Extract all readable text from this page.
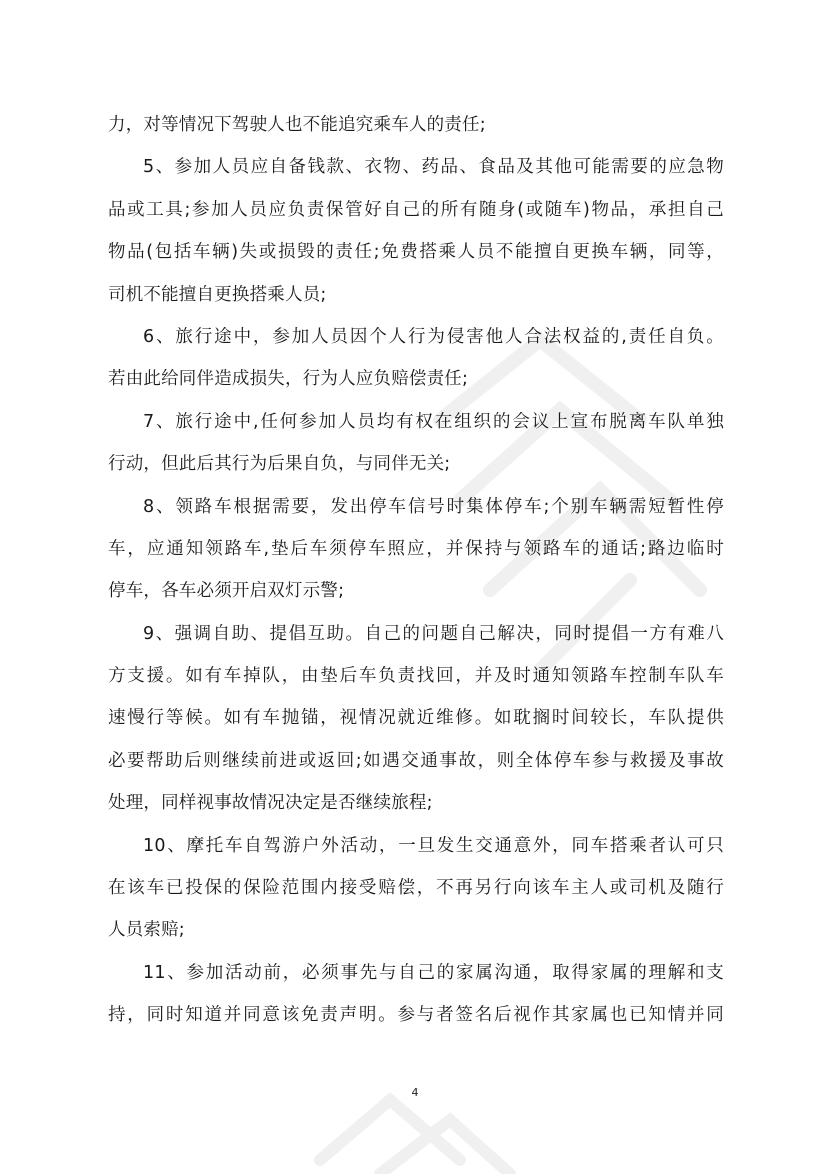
力，对等情况下驾驶人也不能追究乘车人的责任;
5、参加人员应自备钱款、衣物、药品、食品及其他可能需要的应急物
品或工具;参加人员应负责保管好自己的所有随身(或随车)物品，承担自己
物品(包括车辆)失或损毁的责任;免费搭乘人员不能擅自更换车辆，同等，
司机不能擅自更换搭乘人员;
6、旅行途中，参加人员因个人行为侵害他人合法权益的,责任自负。
若由此给同伴造成损失，行为人应负赔偿责任;
7、旅行途中,任何参加人员均有权在组织的会议上宣布脱离车队单独
行动，但此后其行为后果自负，与同伴无关;
8、领路车根据需要，发出停车信号时集体停车;个别车辆需短暂性停
车，应通知领路车,垫后车须停车照应，并保持与领路车的通话;路边临时
停车，各车必须开启双灯示警;
9、强调自助、提倡互助。自己的问题自己解决，同时提倡一方有难八
方支援。如有车掉队，由垫后车负责找回，并及时通知领路车控制车队车
速慢行等候。如有车抛锚，视情况就近维修。如耽搁时间较长，车队提供
必要帮助后则继续前进或返回;如遇交通事故，则全体停车参与救援及事故
处理，同样视事故情况决定是否继续旅程;
10、摩托车自驾游户外活动，一旦发生交通意外，同车搭乘者认可只
在该车已投保的保险范围内接受赔偿，不再另行向该车主人或司机及随行
人员索赔;
11、参加活动前，必须事先与自己的家属沟通，取得家属的理解和支
持，同时知道并同意该免责声明。参与者签名后视作其家属也已知情并同
4
